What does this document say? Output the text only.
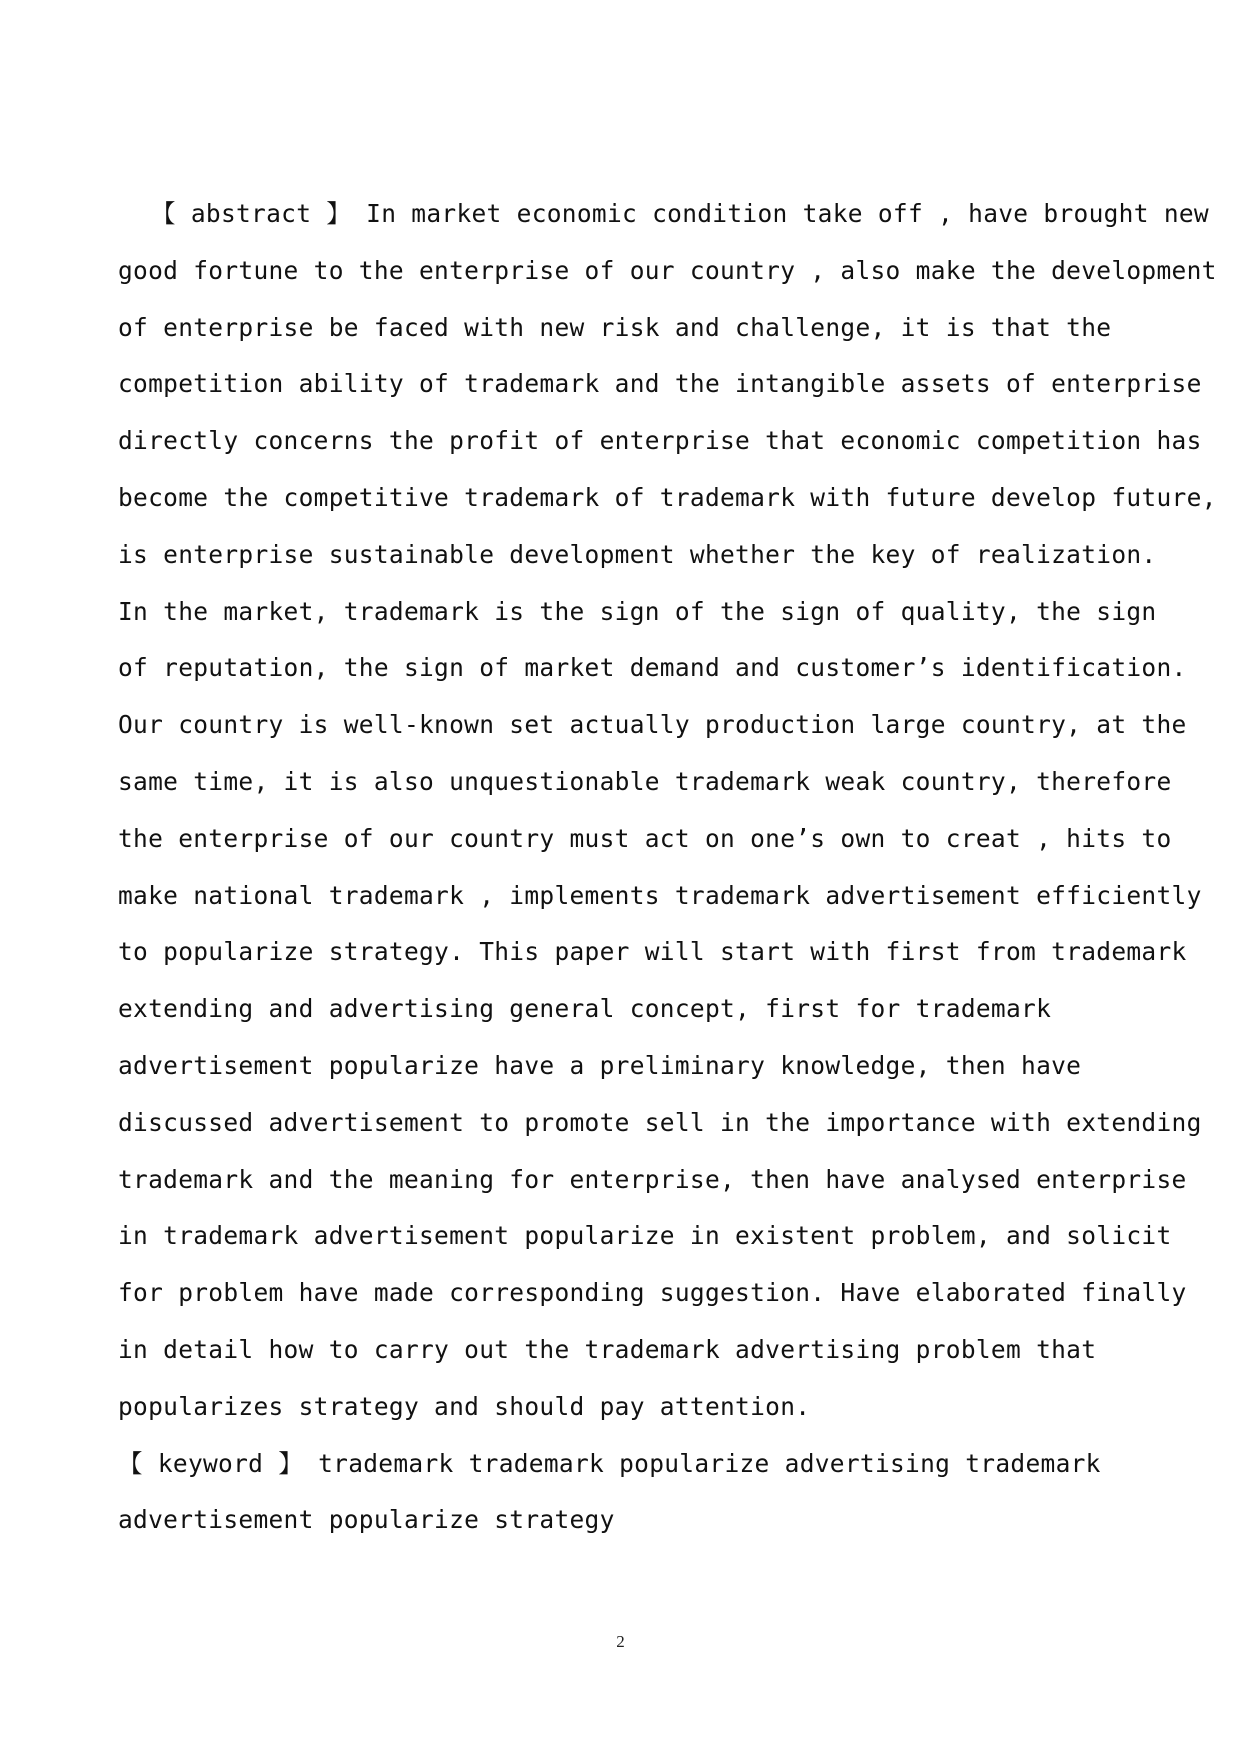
【 abstract 】 In market economic condition take off , have brought new
good fortune to the enterprise of our country , also make the development
of enterprise be faced with new risk and challenge, it is that the
competition ability of trademark and the intangible assets of enterprise
directly concerns the profit of enterprise that economic competition has
become the competitive trademark of trademark with future develop future,
is enterprise sustainable development whether the key of realization.
In the market, trademark is the sign of the sign of quality, the sign
of reputation, the sign of market demand and customer’s identification.
Our country is well-known set actually production large country, at the
same time, it is also unquestionable trademark weak country, therefore
the enterprise of our country must act on one’s own to creat , hits to
make national trademark , implements trademark advertisement efficiently
to popularize strategy. This paper will start with first from trademark
extending and advertising general concept, first for trademark
advertisement popularize have a preliminary knowledge, then have
discussed advertisement to promote sell in the importance with extending
trademark and the meaning for enterprise, then have analysed enterprise
in trademark advertisement popularize in existent problem, and solicit
for problem have made corresponding suggestion. Have elaborated finally
in detail how to carry out the trademark advertising problem that
popularizes strategy and should pay attention.
【 keyword 】 trademark trademark popularize advertising trademark
advertisement popularize strategy
2
